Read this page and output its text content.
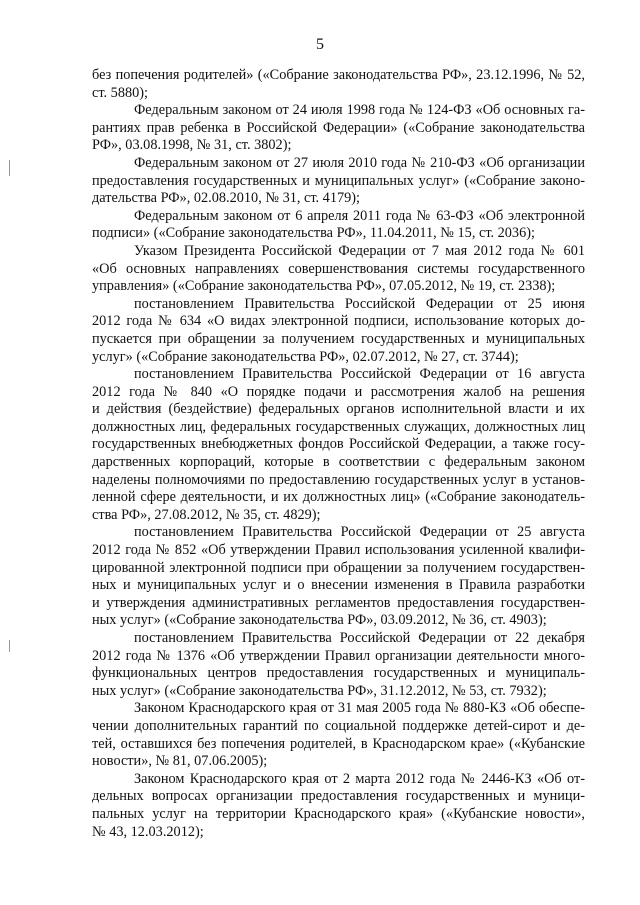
5
без попечения родителей» («Собрание законодательства РФ», 23.12.1996, № 52,
ст. 5880);
Федеральным законом от 24 июля 1998 года № 124-ФЗ «Об основных га-
рантиях прав ребенка в Российской Федерации» («Собрание законодательства
РФ», 03.08.1998, № 31, ст. 3802);
Федеральным законом от 27 июля 2010 года № 210-ФЗ «Об организации
предоставления государственных и муниципальных услуг» («Собрание законо-
дательства РФ», 02.08.2010, № 31, ст. 4179);
Федеральным законом от 6 апреля 2011 года № 63-ФЗ «Об электронной
подписи» («Собрание законодательства РФ», 11.04.2011, № 15, ст. 2036);
Указом Президента Российской Федерации от 7 мая 2012 года № 601
«Об основных направлениях совершенствования системы государственного
управления» («Собрание законодательства РФ», 07.05.2012, № 19, ст. 2338);
постановлением Правительства Российской Федерации от 25 июня
2012 года № 634 «О видах электронной подписи, использование которых до-
пускается при обращении за получением государственных и муниципальных
услуг» («Собрание законодательства РФ», 02.07.2012, № 27, ст. 3744);
постановлением Правительства Российской Федерации от 16 августа
2012 года № 840 «О порядке подачи и рассмотрения жалоб на решения
и действия (бездействие) федеральных органов исполнительной власти и их
должностных лиц, федеральных государственных служащих, должностных лиц
государственных внебюджетных фондов Российской Федерации, а также госу-
дарственных корпораций, которые в соответствии с федеральным законом
наделены полномочиями по предоставлению государственных услуг в установ-
ленной сфере деятельности, и их должностных лиц» («Собрание законодатель-
ства РФ», 27.08.2012, № 35, ст. 4829);
постановлением Правительства Российской Федерации от 25 августа
2012 года № 852 «Об утверждении Правил использования усиленной квалифи-
цированной электронной подписи при обращении за получением государствен-
ных и муниципальных услуг и о внесении изменения в Правила разработки
и утверждения административных регламентов предоставления государствен-
ных услуг» («Собрание законодательства РФ», 03.09.2012, № 36, ст. 4903);
постановлением Правительства Российской Федерации от 22 декабря
2012 года № 1376 «Об утверждении Правил организации деятельности много-
функциональных центров предоставления государственных и муниципаль-
ных услуг» («Собрание законодательства РФ», 31.12.2012, № 53, ст. 7932);
Законом Краснодарского края от 31 мая 2005 года № 880-КЗ «Об обеспе-
чении дополнительных гарантий по социальной поддержке детей-сирот и де-
тей, оставшихся без попечения родителей, в Краснодарском крае» («Кубанские
новости», № 81, 07.06.2005);
Законом Краснодарского края от 2 марта 2012 года № 2446-КЗ «Об от-
дельных вопросах организации предоставления государственных и муници-
пальных услуг на территории Краснодарского края» («Кубанские новости»,
№ 43, 12.03.2012);
